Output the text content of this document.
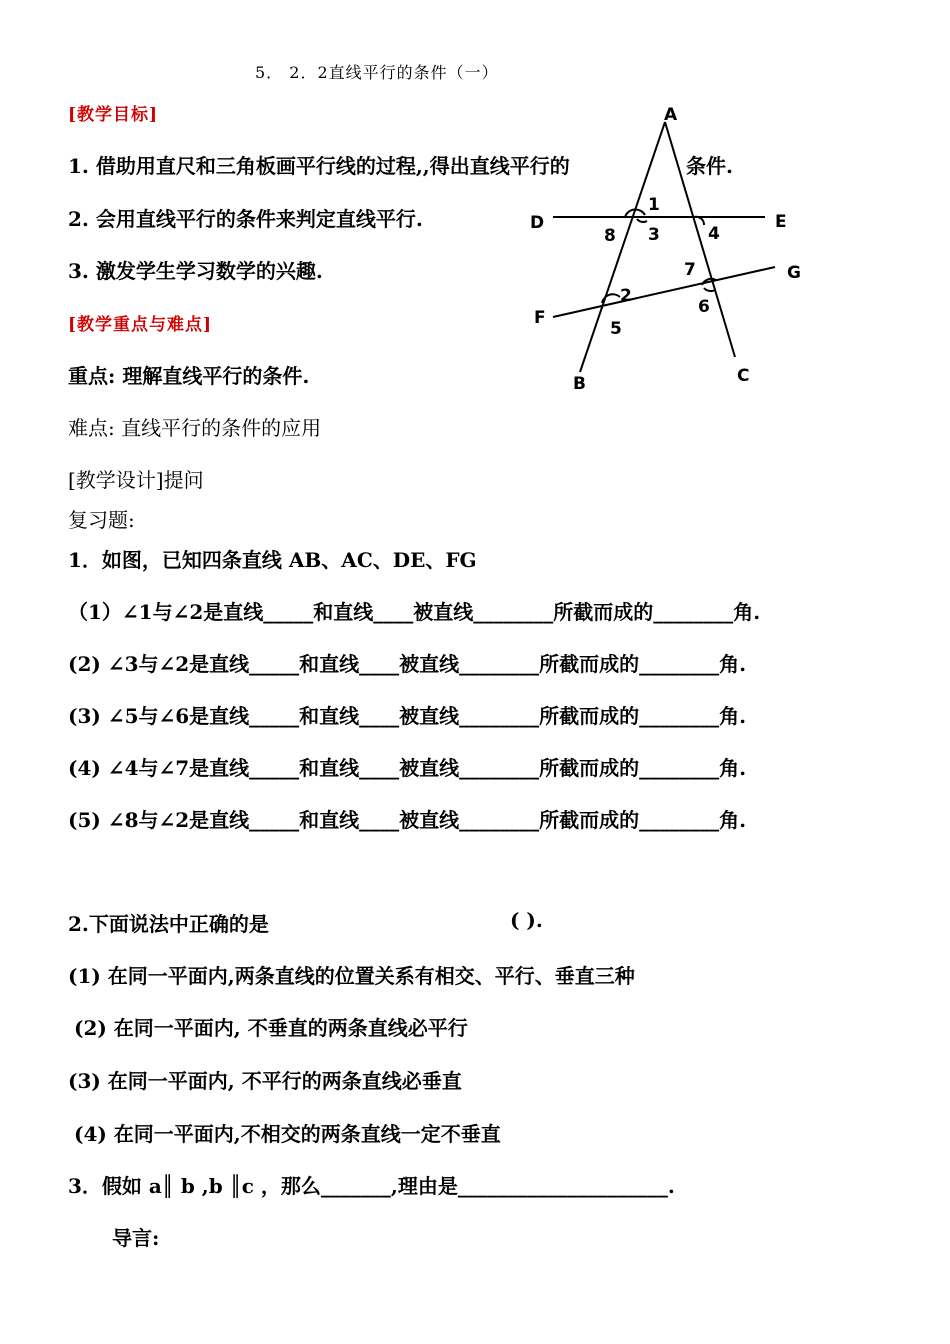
5． 2．2直线平行的条件（一）
[教学目标]
1. 借助用直尺和三角板画平行线的过程,,得出直线平行的	条件.
2. 会用直线平行的条件来判定直线平行.
3. 激发学生学习数学的兴趣.
[教学重点与难点]
重点: 理解直线平行的条件.
难点: 直线平行的条件的应用
[教学设计]提问
复习题:
1．如图，已知四条直线 AB、AC、DE、FG
（1）∠1与∠2是直线_____和直线____被直线________所截而成的________角.
(2) ∠3与∠2是直线_____和直线____被直线________所截而成的________角.
(3) ∠5与∠6是直线_____和直线____被直线________所截而成的________角.
(4) ∠4与∠7是直线_____和直线____被直线________所截而成的________角.
(5) ∠8与∠2是直线_____和直线____被直线________所截而成的________角.
2.下面说法中正确的是	( ).
(1) 在同一平面内,两条直线的位置关系有相交、平行、垂直三种
(2) 在同一平面内, 不垂直的两条直线必平行
(3) 在同一平面内, 不平行的两条直线必垂直
(4) 在同一平面内,不相交的两条直线一定不垂直
3．假如 a║ b ,b ║c ，那么_______,理由是_____________________.
导言:
A
B	C
D	E
F
G
1
2
3	4
5
6
7
8
